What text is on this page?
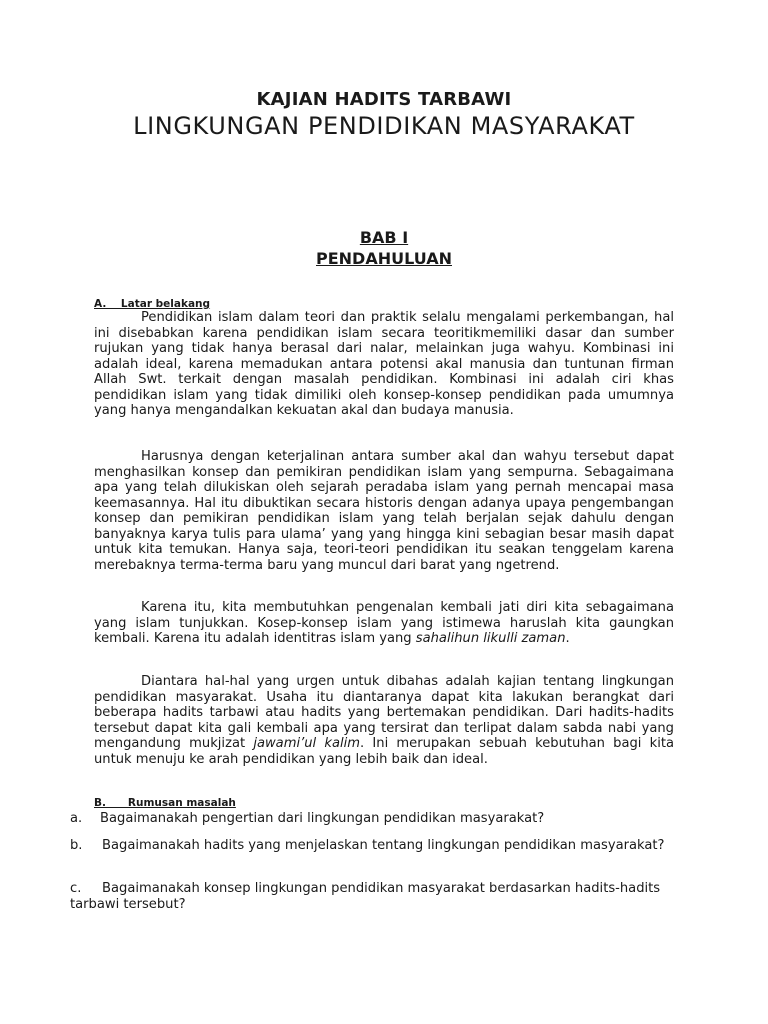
KAJIAN HADITS TARBAWI
LINGKUNGAN PENDIDIKAN MASYARAKAT
BAB I
PENDAHULUAN
A.    Latar belakang

Pendidikan islam dalam teori dan praktik selalu mengalami perkembangan, hal ini disebabkan karena pendidikan islam secara teoritikmemiliki dasar dan sumber rujukan yang tidak hanya berasal dari nalar, melainkan juga wahyu. Kombinasi ini adalah ideal, karena memadukan antara potensi akal manusia dan tuntunan firman Allah Swt. terkait dengan masalah pendidikan. Kombinasi ini adalah ciri khas pendidikan islam yang tidak dimiliki oleh konsep-konsep pendidikan pada umumnya yang hanya mengandalkan kekuatan akal dan budaya manusia.

Harusnya dengan keterjalinan antara sumber akal dan wahyu tersebut dapat menghasilkan konsep dan pemikiran pendidikan islam yang sempurna. Sebagaimana apa yang telah dilukiskan oleh sejarah peradaba islam yang pernah mencapai masa keemasannya. Hal itu dibuktikan secara historis dengan adanya upaya pengembangan konsep dan pemikiran pendidikan islam yang telah berjalan sejak dahulu dengan banyaknya karya tulis para ulama’ yang yang hingga kini sebagian besar masih dapat untuk kita temukan. Hanya saja, teori-teori pendidikan itu seakan tenggelam karena merebaknya terma-terma baru yang muncul dari barat yang ngetrend.

Karena itu, kita membutuhkan pengenalan kembali jati diri kita sebagaimana yang islam tunjukkan. Kosep-konsep islam yang istimewa haruslah kita gaungkan kembali. Karena itu adalah identitras islam yang sahalihun likulli zaman.

Diantara hal-hal yang urgen untuk dibahas adalah kajian tentang lingkungan pendidikan masyarakat. Usaha itu diantaranya dapat kita lakukan berangkat dari beberapa hadits tarbawi atau hadits yang bertemakan pendidikan. Dari hadits-hadits tersebut dapat kita gali kembali apa yang tersirat dan terlipat dalam sabda nabi yang mengandung mukjizat jawami’ul kalim. Ini merupakan sebuah kebutuhan bagi kita untuk menuju ke arah pendidikan yang lebih baik dan ideal.

B.      Rumusan masalah
a.	Bagaimanakah pengertian dari lingkungan pendidikan masyarakat?
b.	Bagaimanakah hadits yang menjelaskan tentang lingkungan pendidikan masyarakat?
c.	Bagaimanakah konsep lingkungan pendidikan masyarakat berdasarkan hadits-hadits tarbawi tersebut?
